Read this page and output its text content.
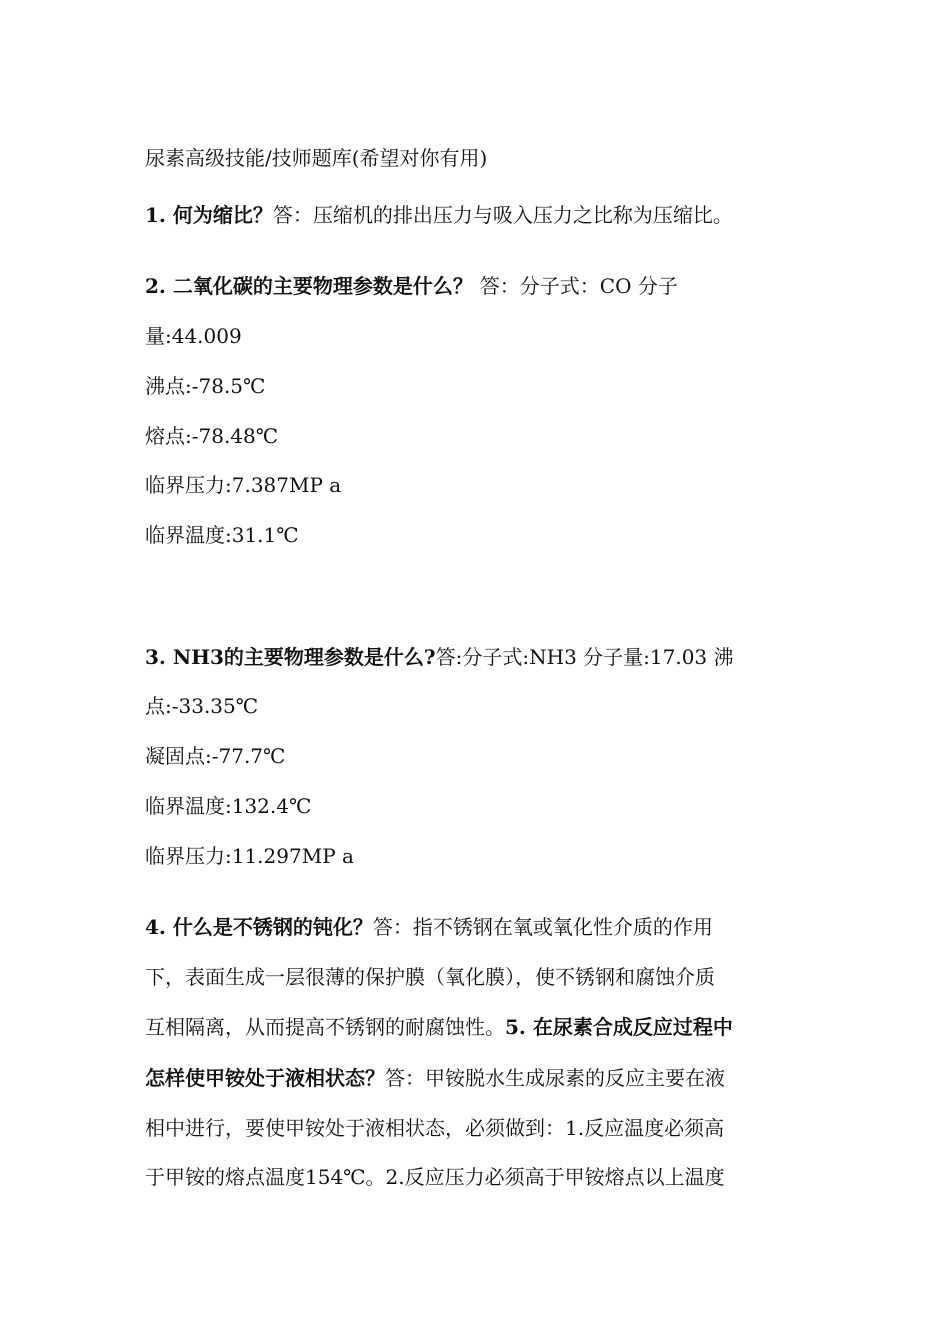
尿素高级技能/技师题库(希望对你有用)
1. 何为缩比？答：压缩机的排出压力与吸入压力之比称为压缩比。
2. 二氧化碳的主要物理参数是什么？ 答：分子式：CO 分子
量:44.009
沸点:-78.5℃
熔点:-78.48℃
临界压力:7.387MP a
临界温度:31.1℃
3. NH3的主要物理参数是什么?答:分子式:NH3 分子量:17.03 沸
点:-33.35℃
凝固点:-77.7℃
临界温度:132.4℃
临界压力:11.297MP a
4. 什么是不锈钢的钝化？答：指不锈钢在氧或氧化性介质的作用
下，表面生成一层很薄的保护膜（氧化膜），使不锈钢和腐蚀介质
互相隔离，从而提高不锈钢的耐腐蚀性。5. 在尿素合成反应过程中
怎样使甲铵处于液相状态？答：甲铵脱水生成尿素的反应主要在液
相中进行，要使甲铵处于液相状态，必须做到：1.反应温度必须高
于甲铵的熔点温度154℃。2.反应压力必须高于甲铵熔点以上温度
